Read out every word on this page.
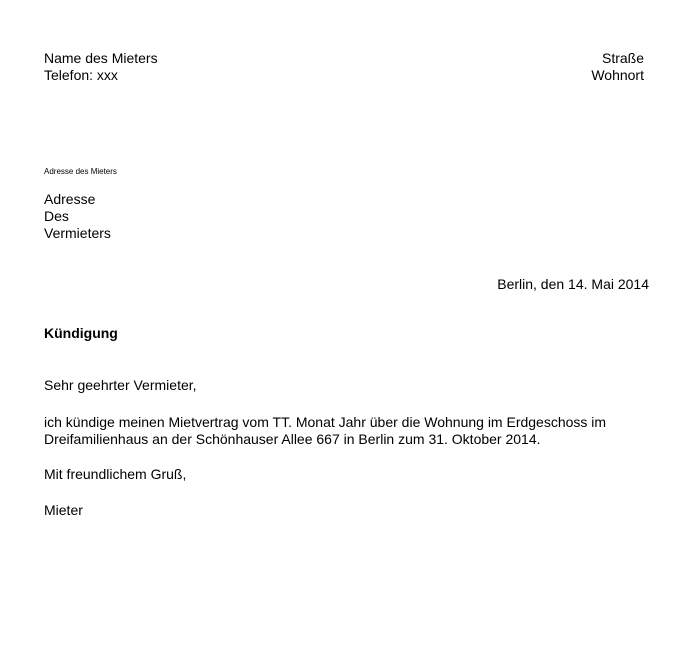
Name des Mieters
Telefon: xxx
Straße
Wohnort
Adresse des Mieters
Adresse
Des
Vermieters
Berlin, den 14. Mai 2014
Kündigung
Sehr geehrter Vermieter,
ich kündige meinen Mietvertrag vom TT. Monat Jahr über die Wohnung im Erdgeschoss im
Dreifamilienhaus an der Schönhauser Allee 667 in Berlin zum 31. Oktober 2014.
Mit freundlichem Gruß,
Mieter
